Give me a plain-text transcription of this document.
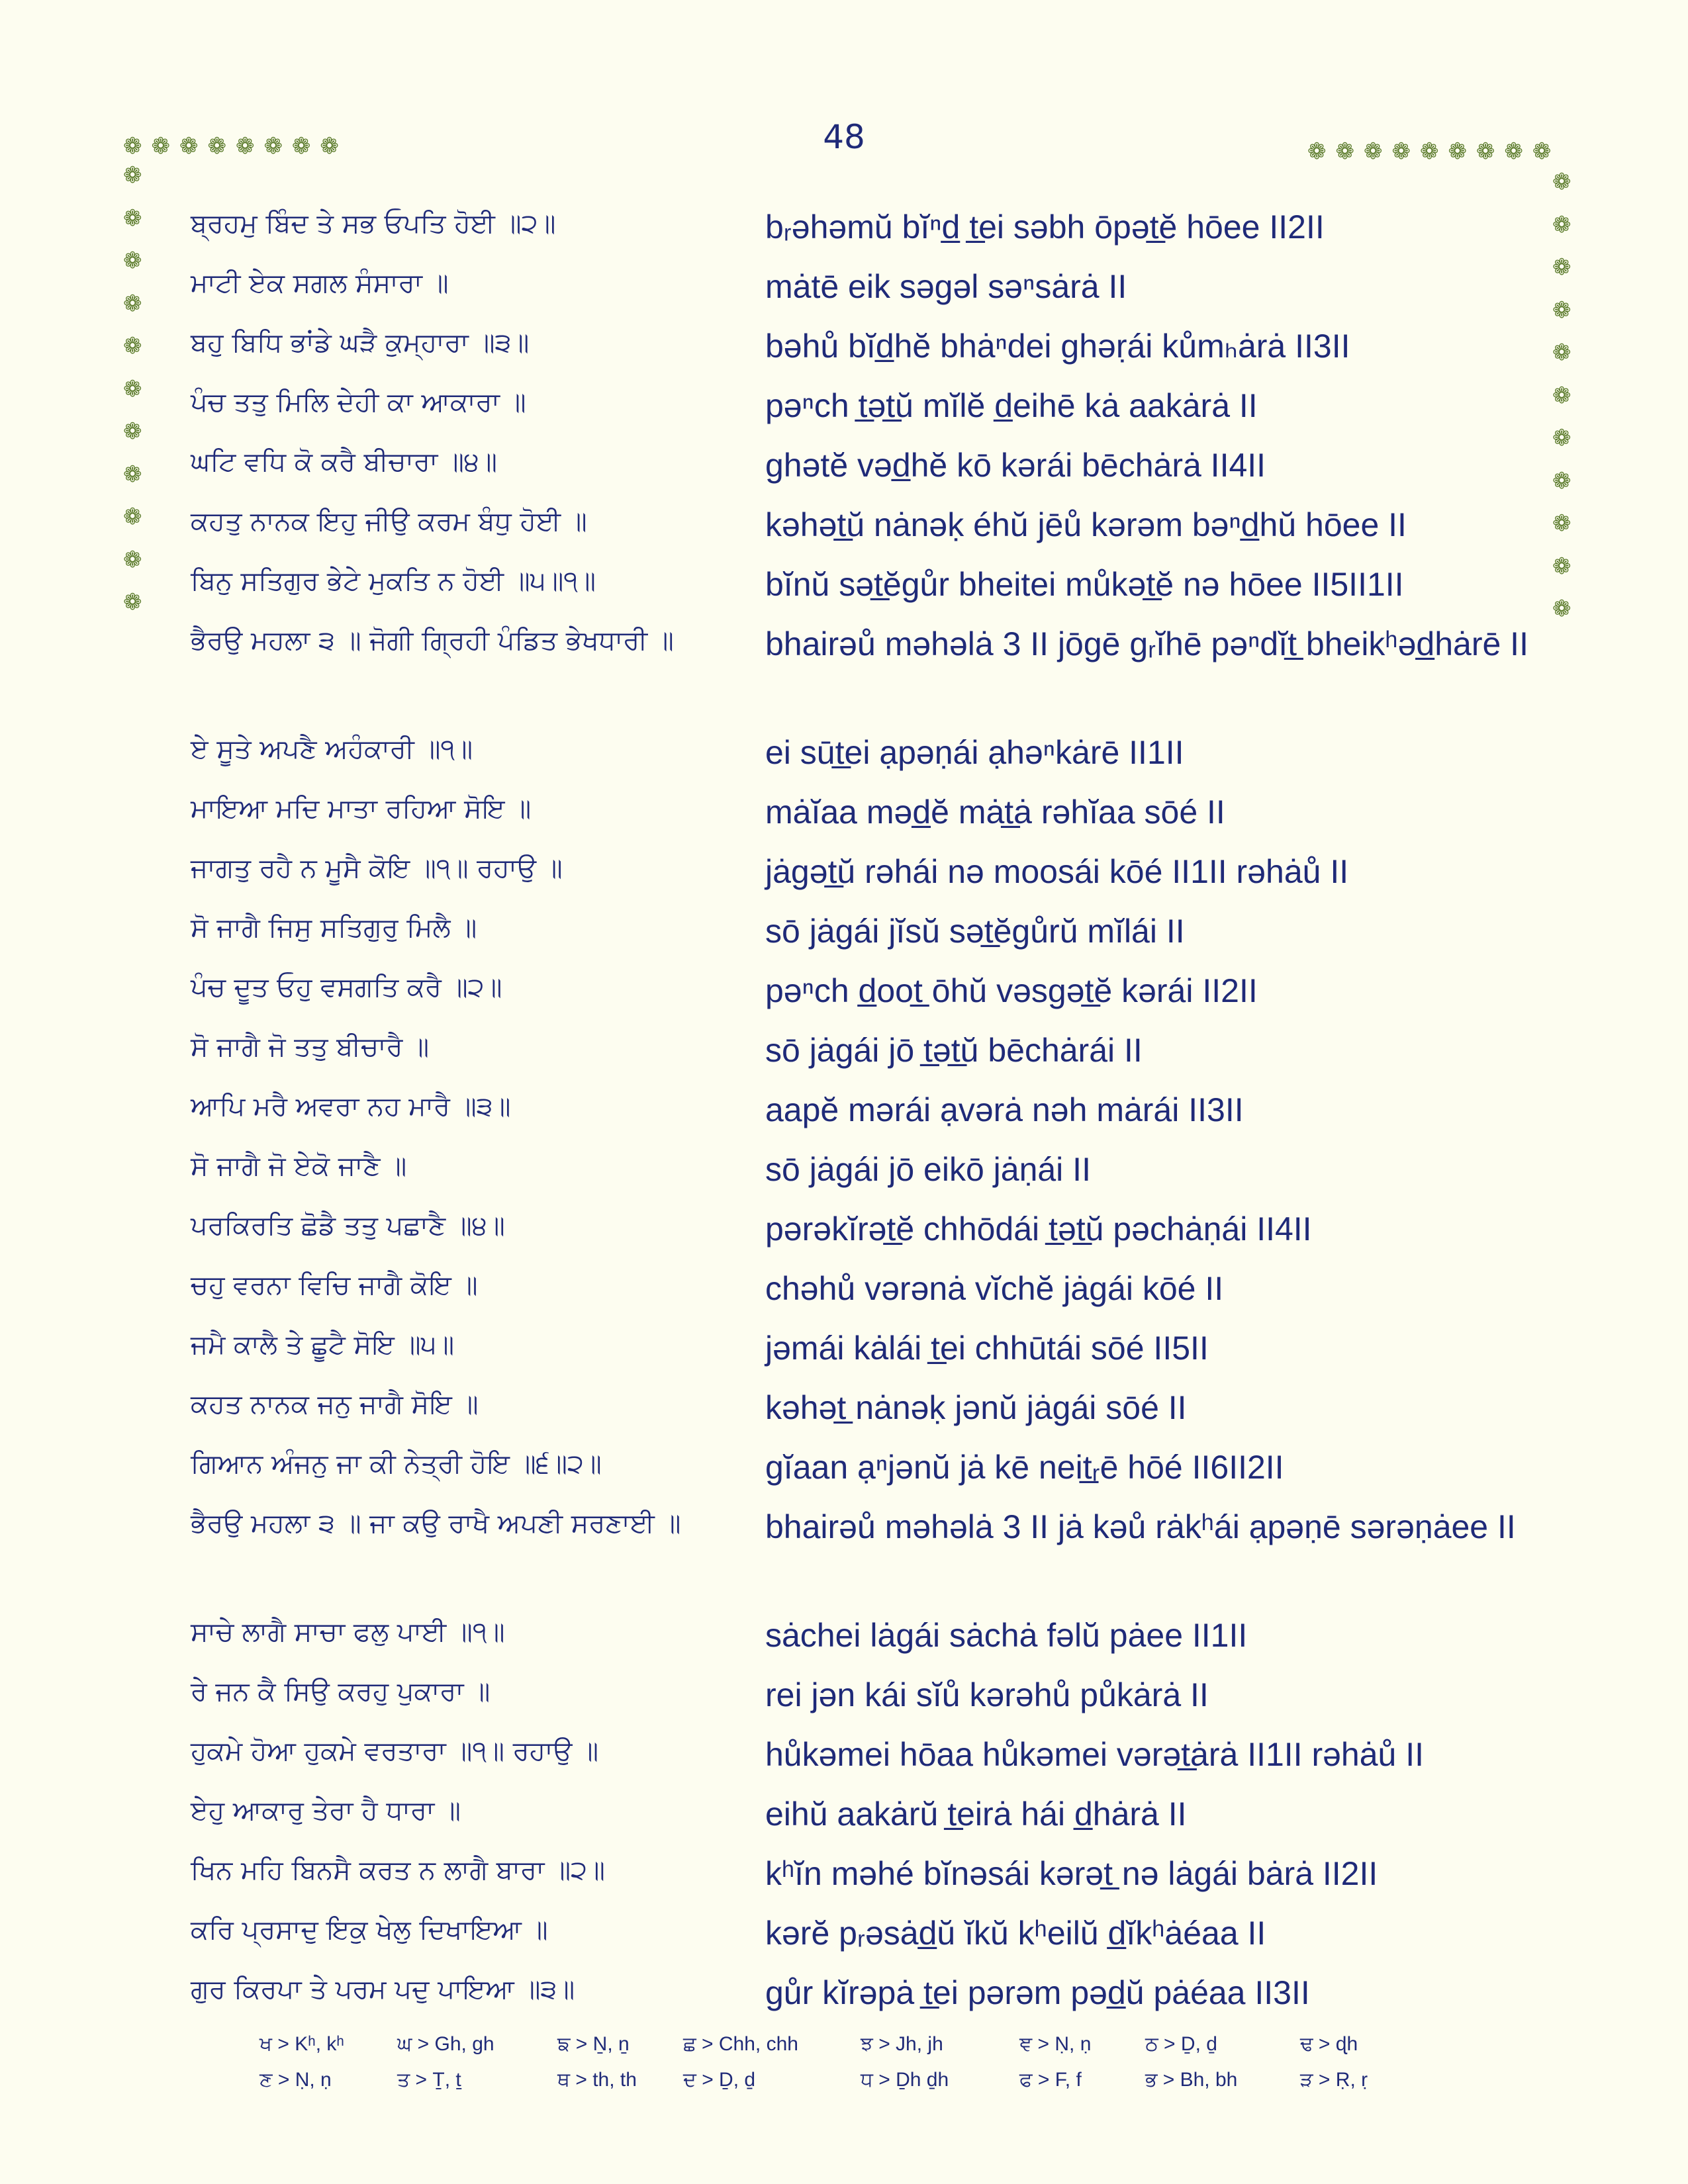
48
❁❁❁❁❁❁❁❁	❁❁❁❁❁❁❁❁❁
❁
❁
❁
❁
❁
❁
❁
❁
❁
❁
❁
❁
❁
❁
❁
❁
❁
❁
❁
❁
❁
❁
ਬ੍ਰਹਮੁ ਬਿੰਦ ਤੇ ਸਭ ਓਪਤਿ ਹੋਈ ॥੨॥	bᵣəhəmŭ bĭⁿd̲ t̲ei səbh ōpət̲ĕ hōee II2II
ਮਾਟੀ ਏਕ ਸਗਲ ਸੰਸਾਰਾ ॥	mȧtē eik səgəl səⁿsȧrȧ II
ਬਹੁ ਬਿਧਿ ਭਾਂਡੇ ਘੜੈ ਕੁਮ੍ਹਾਰਾ ॥੩॥	bəhů bĭd̲hĕ bhȧⁿdei ghəṛái kůmₕȧrȧ II3II
ਪੰਚ ਤਤੁ ਮਿਲਿ ਦੇਹੀ ਕਾ ਆਕਾਰਾ ॥	pəⁿch t̲ət̲ŭ mĭlĕ d̲eihē kȧ aakȧrȧ II
ਘਟਿ ਵਧਿ ਕੋ ਕਰੈ ਬੀਚਾਰਾ ॥੪॥	ghətĕ vəd̲hĕ kō kərái bēchȧrȧ II4II
ਕਹਤੁ ਨਾਨਕ ਇਹੁ ਜੀਉ ਕਰਮ ਬੰਧੁ ਹੋਈ ॥	kəhət̲ŭ nȧnəḳ éhŭ jēů kərəm bəⁿd̲hŭ hōee II
ਬਿਨੁ ਸਤਿਗੁਰ ਭੇਟੇ ਮੁਕਤਿ ਨ ਹੋਈ ॥੫॥੧॥	bĭnŭ sət̲ĕgůr bheitei můkət̲ĕ nə hōee II5II1II
ਭੈਰਉ ਮਹਲਾ ੩ ॥ ਜੋਗੀ ਗ੍ਰਿਹੀ ਪੰਡਿਤ ਭੇਖਧਾਰੀ ॥	bhairəů məhəlȧ 3 II jōgē gᵣĭhē pəⁿdĭt̲ bheikʰəd̲hȧrē II
ਏ ਸੂਤੇ ਅਪਣੈ ਅਹੰਕਾਰੀ ॥੧॥	ei sūt̲ei ạpəṇái ạhəⁿkȧrē II1II
ਮਾਇਆ ਮਦਿ ਮਾਤਾ ਰਹਿਆ ਸੋਇ ॥	mȧĭaa məd̲ĕ mȧt̲ȧ rəhĭaa sōé II
ਜਾਗਤੁ ਰਹੈ ਨ ਮੂਸੈ ਕੋਇ ॥੧॥ ਰਹਾਉ ॥	jȧgət̲ŭ rəhái nə moosái kōé II1II rəhȧů II
ਸੋ ਜਾਗੈ ਜਿਸੁ ਸਤਿਗੁਰੁ ਮਿਲੈ ॥	sō jȧgái jĭsŭ sət̲ĕgůrŭ mĭlái II
ਪੰਚ ਦੂਤ ਓਹੁ ਵਸਗਤਿ ਕਰੈ ॥੨॥	pəⁿch d̲oot̲ ōhŭ vəsgət̲ĕ kərái II2II
ਸੋ ਜਾਗੈ ਜੋ ਤਤੁ ਬੀਚਾਰੈ ॥	sō jȧgái jō t̲ət̲ŭ bēchȧrái II
ਆਪਿ ਮਰੈ ਅਵਰਾ ਨਹ ਮਾਰੈ ॥੩॥	aapĕ mərái ạvərȧ nəh mȧrái II3II
ਸੋ ਜਾਗੈ ਜੋ ਏਕੋ ਜਾਣੈ ॥	sō jȧgái jō eikō jȧṇái II
ਪਰਕਿਰਤਿ ਛੋਡੈ ਤਤੁ ਪਛਾਣੈ ॥੪॥	pərəkĭrət̲ĕ chhōdái t̲ət̲ŭ pəchȧṇái II4II
ਚਹੁ ਵਰਨਾ ਵਿਚਿ ਜਾਗੈ ਕੋਇ ॥	chəhů vərənȧ vĭchĕ jȧgái kōé II
ਜਮੈ ਕਾਲੈ ਤੇ ਛੂਟੈ ਸੋਇ ॥੫॥	jəmái kȧlái t̲ei chhūtái sōé II5II
ਕਹਤ ਨਾਨਕ ਜਨੁ ਜਾਗੈ ਸੋਇ ॥	kəhət̲ nȧnəḳ jənŭ jȧgái sōé II
ਗਿਆਨ ਅੰਜਨੁ ਜਾ ਕੀ ਨੇਤ੍ਰੀ ਹੋਇ ॥੬॥੨॥	gĭaan ạⁿjənŭ jȧ kē neit̲ᵣē hōé II6II2II
ਭੈਰਉ ਮਹਲਾ ੩ ॥ ਜਾ ਕਉ ਰਾਖੈ ਅਪਣੀ ਸਰਣਾਈ ॥	bhairəů məhəlȧ 3 II jȧ kəů rȧkʰái ạpəṇē sərəṇȧee II
ਸਾਚੇ ਲਾਗੈ ਸਾਚਾ ਫਲੁ ਪਾਈ ॥੧॥	sȧchei lȧgái sȧchȧ fəlŭ pȧee II1II
ਰੇ ਜਨ ਕੈ ਸਿਉ ਕਰਹੁ ਪੁਕਾਰਾ ॥	rei jən kái sĭů kərəhů půkȧrȧ II
ਹੁਕਮੇ ਹੋਆ ਹੁਕਮੇ ਵਰਤਾਰਾ ॥੧॥ ਰਹਾਉ ॥	hůkəmei hōaa hůkəmei vərət̲ȧrȧ II1II rəhȧů II
ਏਹੁ ਆਕਾਰੁ ਤੇਰਾ ਹੈ ਧਾਰਾ ॥	eihŭ aakȧrŭ t̲eirȧ hái d̲hȧrȧ II
ਖਿਨ ਮਹਿ ਬਿਨਸੈ ਕਰਤ ਨ ਲਾਗੈ ਬਾਰਾ ॥੨॥	kʰĭn məhé bĭnəsái kərət̲ nə lȧgái bȧrȧ II2II
ਕਰਿ ਪ੍ਰਸਾਦੁ ਇਕੁ ਖੇਲੁ ਦਿਖਾਇਆ ॥	kərĕ pᵣəsȧd̲ŭ ĭkŭ kʰeilŭ d̲ĭkʰȧéaa II
ਗੁਰ ਕਿਰਪਾ ਤੇ ਪਰਮ ਪਦੁ ਪਾਇਆ ॥੩॥	gůr kĭrəpȧ t̲ei pərəm pəd̲ŭ pȧéaa II3II
ਖ > Kʰ, kʰ	ਘ > Gh, gh	ਙ > Ṉ, ṉ	ਛ > Chh, chh	ਝ > Jh, jh	ਞ > Ṇ, ṇ	ਠ > Ḏ, ḏ	ਢ > ɖh
ਣ > Ṇ, ṇ	ਤ > Ṯ, ṯ	ਥ > th, th ਦ > Ḏ, ḏ	ਧ > Ḏh ḏh	ਫ > F, f	ਭ > Bh, bh	ੜ > Ṛ, ṛ
